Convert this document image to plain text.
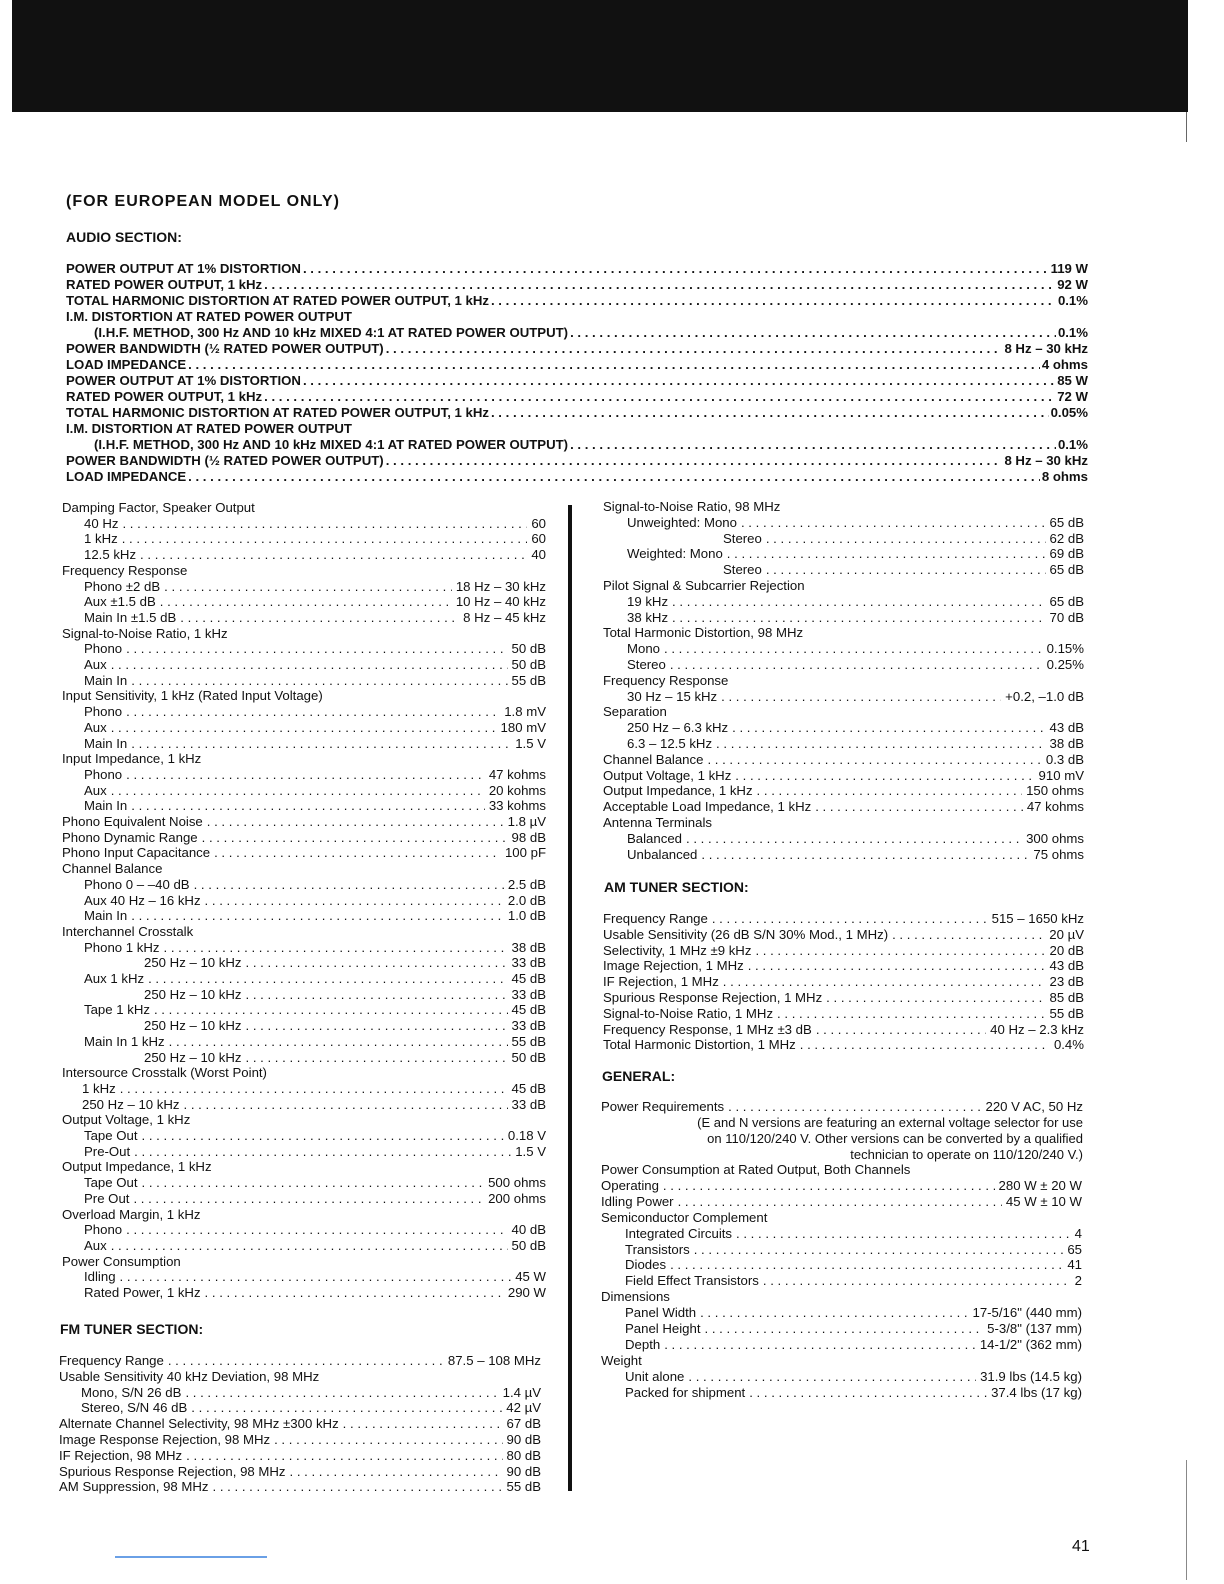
(FOR EUROPEAN MODEL ONLY)
AUDIO SECTION:
POWER OUTPUT AT 1% DISTORTION . . .	119 W
RATED POWER OUTPUT, 1 kHz . . .	92 W
TOTAL HARMONIC DISTORTION AT RATED POWER OUTPUT, 1 kHz . . .	0.1%
I.M. DISTORTION AT RATED POWER OUTPUT
(I.H.F. METHOD, 300 Hz AND 10 kHz MIXED 4:1 AT RATED POWER OUTPUT) . . .	0.1%
POWER BANDWIDTH (½ RATED POWER OUTPUT) . . .	8 Hz – 30 kHz
LOAD IMPEDANCE . . .	4 ohms
POWER OUTPUT AT 1% DISTORTION . . .	85 W
RATED POWER OUTPUT, 1 kHz . . .	72 W
TOTAL HARMONIC DISTORTION AT RATED POWER OUTPUT, 1 kHz . . .	0.05%
I.M. DISTORTION AT RATED POWER OUTPUT
(I.H.F. METHOD, 300 Hz AND 10 kHz MIXED 4:1 AT RATED POWER OUTPUT) . . .	0.1%
POWER BANDWIDTH (½ RATED POWER OUTPUT) . . .	8 Hz – 30 kHz
LOAD IMPEDANCE . . .	8 ohms
Damping Factor, Speaker Output
40 Hz . . .	60
1 kHz . . .	60
12.5 kHz . . .	40
Frequency Response
Phono ±2 dB . . .	18 Hz – 30 kHz
Aux ±1.5 dB . . .	10 Hz – 40 kHz
Main In ±1.5 dB . . .	8 Hz – 45 kHz
Signal-to-Noise Ratio, 1 kHz
Phono . . .	50 dB
Aux . . .	50 dB
Main In . . .	55 dB
Input Sensitivity, 1 kHz (Rated Input Voltage)
Phono . . .	1.8 mV
Aux . . .	180 mV
Main In . . .	1.5 V
Input Impedance, 1 kHz
Phono . . .	47 kohms
Aux . . .	20 kohms
Main In . . .	33 kohms
Phono Equivalent Noise . . .	1.8 µV
Phono Dynamic Range . . .	98 dB
Phono Input Capacitance . . .	100 pF
Channel Balance
Phono 0 – –40 dB . . .	2.5 dB
Aux 40 Hz – 16 kHz . . .	2.0 dB
Main In . . .	1.0 dB
Interchannel Crosstalk
Phono 1 kHz . . .	38 dB
250 Hz – 10 kHz . . .	33 dB
Aux 1 kHz . . .	45 dB
250 Hz – 10 kHz . . .	33 dB
Tape 1 kHz . . .	45 dB
250 Hz – 10 kHz . . .	33 dB
Main In 1 kHz . . .	55 dB
250 Hz – 10 kHz . . .	50 dB
Intersource Crosstalk (Worst Point)
1 kHz . . .	45 dB
250 Hz – 10 kHz . . .	33 dB
Output Voltage, 1 kHz
Tape Out . . .	0.18 V
Pre-Out . . .	1.5 V
Output Impedance, 1 kHz
Tape Out . . .	500 ohms
Pre Out . . .	200 ohms
Overload Margin, 1 kHz
Phono . . .	40 dB
Aux . . .	50 dB
Power Consumption
Idling . . .	45 W
Rated Power, 1 kHz . . .	290 W
FM TUNER SECTION:
Frequency Range . . .	87.5 – 108 MHz
Usable Sensitivity 40 kHz Deviation, 98 MHz
Mono, S/N 26 dB . . .	1.4 µV
Stereo, S/N 46 dB . . .	42 µV
Alternate Channel Selectivity, 98 MHz ±300 kHz . . .	67 dB
Image Response Rejection, 98 MHz . . .	90 dB
IF Rejection, 98 MHz . . .	80 dB
Spurious Response Rejection, 98 MHz . . .	90 dB
AM Suppression, 98 MHz . . .	55 dB
Signal-to-Noise Ratio, 98 MHz
Unweighted: Mono . . .	65 dB
Stereo . . .	62 dB
Weighted: Mono . . .	69 dB
Stereo . . .	65 dB
Pilot Signal & Subcarrier Rejection
19 kHz . . .	65 dB
38 kHz . . .	70 dB
Total Harmonic Distortion, 98 MHz
Mono . . .	0.15%
Stereo . . .	0.25%
Frequency Response
30 Hz – 15 kHz . . .	+0.2, –1.0 dB
Separation
250 Hz – 6.3 kHz . . .	43 dB
6.3 – 12.5 kHz . . .	38 dB
Channel Balance . . .	0.3 dB
Output Voltage, 1 kHz . . .	910 mV
Output Impedance, 1 kHz . . .	150 ohms
Acceptable Load Impedance, 1 kHz . . .	47 kohms
Antenna Terminals
Balanced . . .	300 ohms
Unbalanced . . .	75 ohms
AM TUNER SECTION:
Frequency Range . . .	515 – 1650 kHz
Usable Sensitivity (26 dB S/N 30% Mod., 1 MHz) . . .	20 µV
Selectivity, 1 MHz ±9 kHz . . .	20 dB
Image Rejection, 1 MHz . . .	43 dB
IF Rejection, 1 MHz . . .	23 dB
Spurious Response Rejection, 1 MHz . . .	85 dB
Signal-to-Noise Ratio, 1 MHz . . .	55 dB
Frequency Response, 1 MHz ±3 dB . . .	40 Hz – 2.3 kHz
Total Harmonic Distortion, 1 MHz . . .	0.4%
GENERAL:
Power Requirements . . .	220 V AC, 50 Hz
(E and N versions are featuring an external voltage selector for use
on 110/120/240 V. Other versions can be converted by a qualified
technician to operate on 110/120/240 V.)
Power Consumption at Rated Output, Both Channels
Operating . . .	280 W ± 20 W
Idling Power . . .	45 W ± 10 W
Semiconductor Complement
Integrated Circuits . . .	4
Transistors . . .	65
Diodes . . .	41
Field Effect Transistors . . .	2
Dimensions
Panel Width . . .	17-5/16" (440 mm)
Panel Height . . .	5-3/8" (137 mm)
Depth . . .	14-1/2" (362 mm)
Weight
Unit alone . . .	31.9 lbs (14.5 kg)
Packed for shipment . . .	37.4 lbs (17 kg)
41
